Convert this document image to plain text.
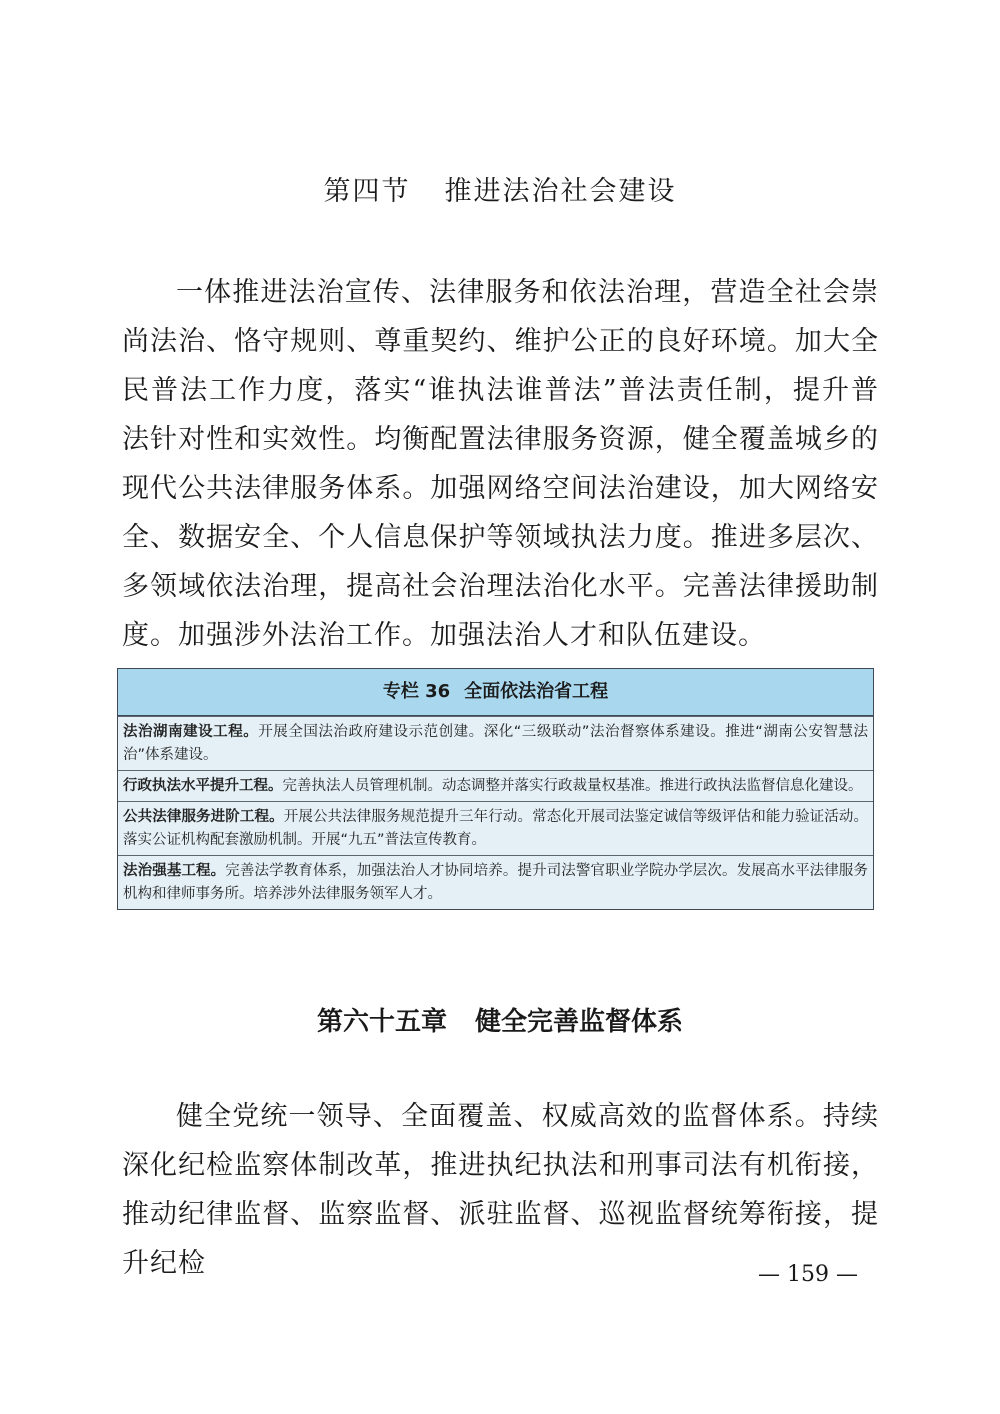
第四节 推进法治社会建设

一体推进法治宣传、法律服务和依法治理，营造全社会崇尚法治、恪守规则、尊重契约、维护公正的良好环境。加大全民普法工作力度，落实“谁执法谁普法”普法责任制，提升普法针对性和实效性。均衡配置法律服务资源，健全覆盖城乡的现代公共法律服务体系。加强网络空间法治建设，加大网络安全、数据安全、个人信息保护等领域执法力度。推进多层次、多领域依法治理，提高社会治理法治化水平。完善法律援助制度。加强涉外法治工作。加强法治人才和队伍建设。

专栏 36 全面依法治省工程
法治湖南建设工程。开展全国法治政府建设示范创建。深化“三级联动”法治督察体系建设。推进“湖南公安智慧法治”体系建设。
行政执法水平提升工程。完善执法人员管理机制。动态调整并落实行政裁量权基准。推进行政执法监督信息化建设。
公共法律服务进阶工程。开展公共法律服务规范提升三年行动。常态化开展司法鉴定诚信等级评估和能力验证活动。落实公证机构配套激励机制。开展“九五”普法宣传教育。
法治强基工程。完善法学教育体系，加强法治人才协同培养。提升司法警官职业学院办学层次。发展高水平法律服务机构和律师事务所。培养涉外法律服务领军人才。
第六十五章 健全完善监督体系

健全党统一领导、全面覆盖、权威高效的监督体系。持续深化纪检监察体制改革，推进执纪执法和刑事司法有机衔接，推动纪律监督、监察监督、派驻监督、巡视监督统筹衔接，提升纪检	— 159 —
